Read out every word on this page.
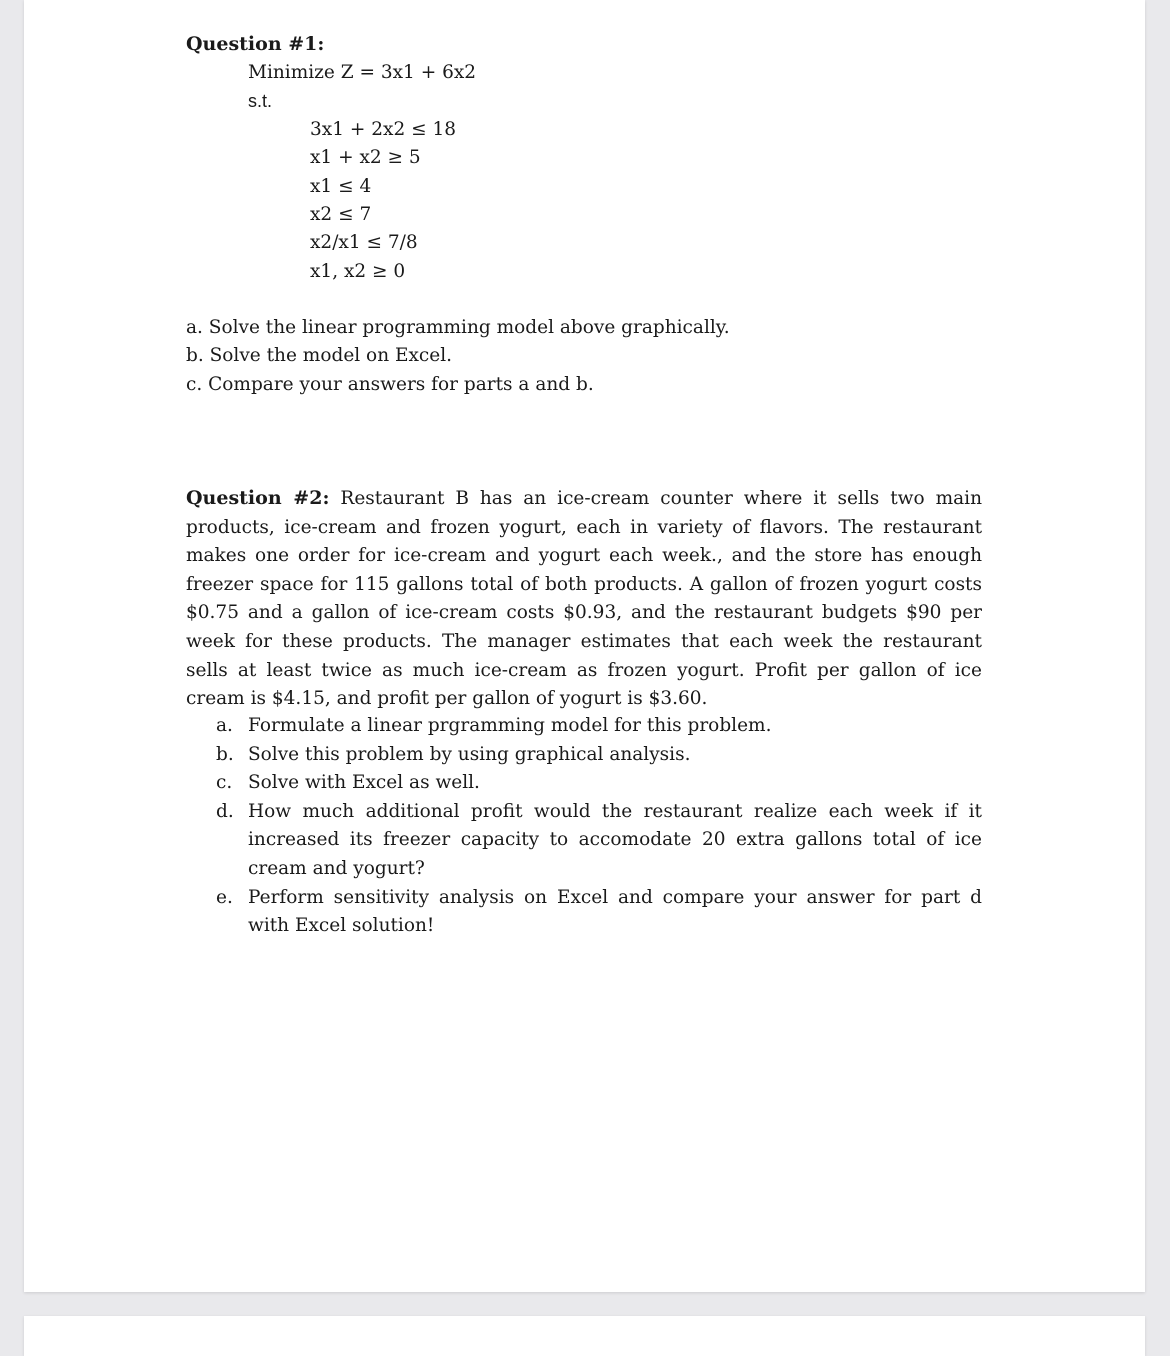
Question #1:
Minimize Z = 3x1 + 6x2
s.t.
3x1 + 2x2 ≤ 18
x1 + x2 ≥ 5
x1 ≤ 4
x2 ≤ 7
x2/x1 ≤ 7/8
x1, x2 ≥ 0
a. Solve the linear programming model above graphically.
b. Solve the model on Excel.
c. Compare your answers for parts a and b.
Question #2: Restaurant B has an ice-cream counter where it sells two main products, ice-cream and frozen yogurt, each in variety of flavors. The restaurant makes one order for ice-cream and yogurt each week., and the store has enough freezer space for 115 gallons total of both products. A gallon of frozen yogurt costs $0.75 and a gallon of ice-cream costs $0.93, and the restaurant budgets $90 per week for these products. The manager estimates that each week the restaurant sells at least twice as much ice-cream as frozen yogurt. Profit per gallon of ice cream is $4.15, and profit per gallon of yogurt is $3.60.
a. Formulate a linear prgramming model for this problem.
b. Solve this problem by using graphical analysis.
c. Solve with Excel as well.
d. How much additional profit would the restaurant realize each week if it increased its freezer capacity to accomodate 20 extra gallons total of ice cream and yogurt?
e. Perform sensitivity analysis on Excel and compare your answer for part d with Excel solution!
